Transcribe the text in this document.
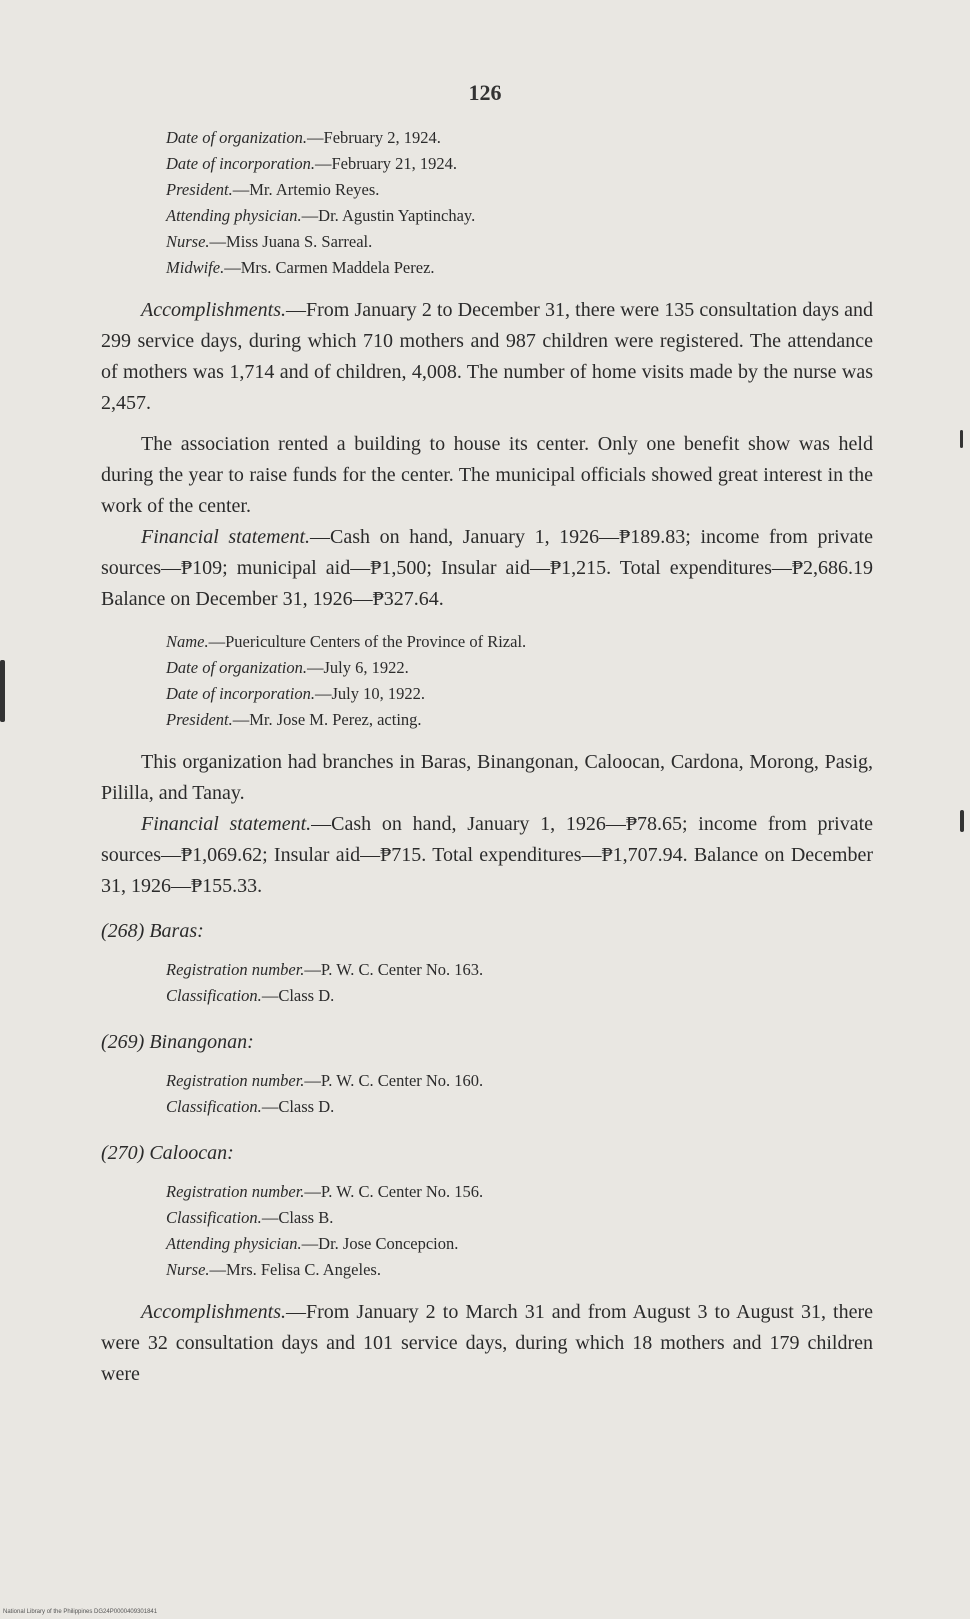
126
Date of organization.—February 2, 1924.
Date of incorporation.—February 21, 1924.
President.—Mr. Artemio Reyes.
Attending physician.—Dr. Agustin Yaptinchay.
Nurse.—Miss Juana S. Sarreal.
Midwife.—Mrs. Carmen Maddela Perez.

Accomplishments.—From January 2 to December 31, there were 135 consultation days and 299 service days, during which 710 mothers and 987 children were registered. The attendance of mothers was 1,714 and of children, 4,008. The number of home visits made by the nurse was 2,457.

The association rented a building to house its center. Only one benefit show was held during the year to raise funds for the center. The municipal officials showed great interest in the work of the center.

Financial statement.—Cash on hand, January 1, 1926—₱189.83; income from private sources—₱109; municipal aid—₱1,500; Insular aid—₱1,215. Total expenditures—₱2,686.19 Balance on December 31, 1926—₱327.64.

Name.—Puericulture Centers of the Province of Rizal.
Date of organization.—July 6, 1922.
Date of incorporation.—July 10, 1922.
President.—Mr. Jose M. Perez, acting.

This organization had branches in Baras, Binangonan, Caloocan, Cardona, Morong, Pasig, Pililla, and Tanay.

Financial statement.—Cash on hand, January 1, 1926—₱78.65; income from private sources—₱1,069.62; Insular aid—₱715. Total expenditures—₱1,707.94. Balance on December 31, 1926—₱155.33.

(268) Baras:

Registration number.—P. W. C. Center No. 163.
Classification.—Class D.

(269) Binangonan:

Registration number.—P. W. C. Center No. 160.
Classification.—Class D.

(270) Caloocan:

Registration number.—P. W. C. Center No. 156.
Classification.—Class B.
Attending physician.—Dr. Jose Concepcion.
Nurse.—Mrs. Felisa C. Angeles.

Accomplishments.—From January 2 to March 31 and from August 3 to August 31, there were 32 consultation days and 101 service days, during which 18 mothers and 179 children were

National Library of the Philippines DG24P0000409301841
